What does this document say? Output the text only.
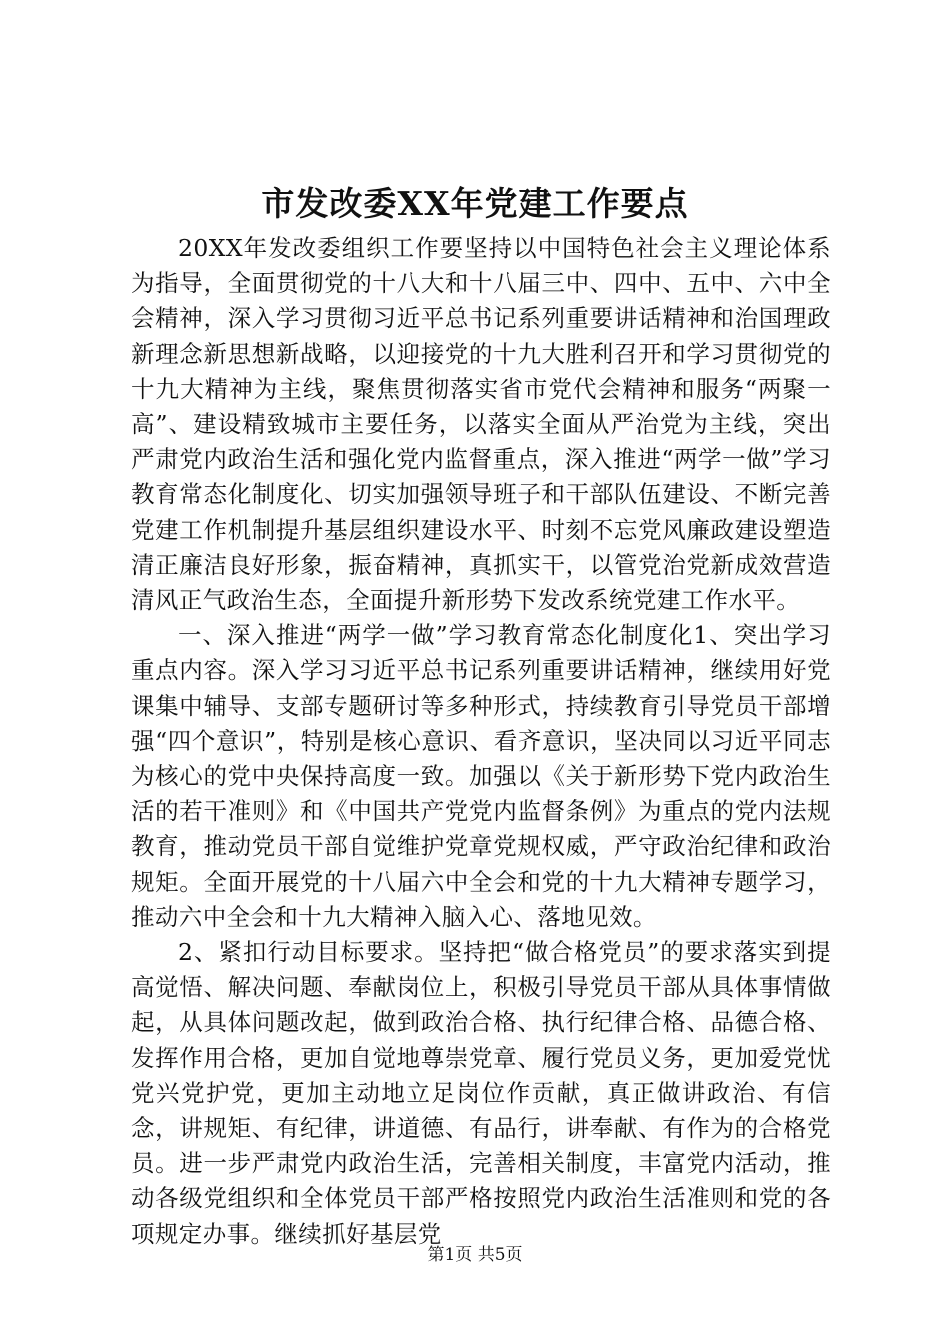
市发改委XX年党建工作要点

20XX年发改委组织工作要坚持以中国特色社会主义理论体系为指导，全面贯彻党的十八大和十八届三中、四中、五中、六中全会精神，深入学习贯彻习近平总书记系列重要讲话精神和治国理政新理念新思想新战略，以迎接党的十九大胜利召开和学习贯彻党的十九大精神为主线，聚焦贯彻落实省市党代会精神和服务“两聚一高”、建设精致城市主要任务，以落实全面从严治党为主线，突出严肃党内政治生活和强化党内监督重点，深入推进“两学一做”学习教育常态化制度化、切实加强领导班子和干部队伍建设、不断完善党建工作机制提升基层组织建设水平、时刻不忘党风廉政建设塑造清正廉洁良好形象，振奋精神，真抓实干，以管党治党新成效营造清风正气政治生态，全面提升新形势下发改系统党建工作水平。

一、深入推进“两学一做”学习教育常态化制度化1、突出学习重点内容。深入学习习近平总书记系列重要讲话精神，继续用好党课集中辅导、支部专题研讨等多种形式，持续教育引导党员干部增强“四个意识”，特别是核心意识、看齐意识，坚决同以习近平同志为核心的党中央保持高度一致。加强以《关于新形势下党内政治生活的若干准则》和《中国共产党党内监督条例》为重点的党内法规教育，推动党员干部自觉维护党章党规权威，严守政治纪律和政治规矩。全面开展党的十八届六中全会和党的十九大精神专题学习，推动六中全会和十九大精神入脑入心、落地见效。

2、紧扣行动目标要求。坚持把“做合格党员”的要求落实到提高觉悟、解决问题、奉献岗位上，积极引导党员干部从具体事情做起，从具体问题改起，做到政治合格、执行纪律合格、品德合格、发挥作用合格，更加自觉地尊崇党章、履行党员义务，更加爱党忧党兴党护党，更加主动地立足岗位作贡献，真正做讲政治、有信念，讲规矩、有纪律，讲道德、有品行，讲奉献、有作为的合格党员。进一步严肃党内政治生活，完善相关制度，丰富党内活动，推动各级党组织和全体党员干部严格按照党内政治生活准则和党的各项规定办事。继续抓好基层党

第1页 共5页
